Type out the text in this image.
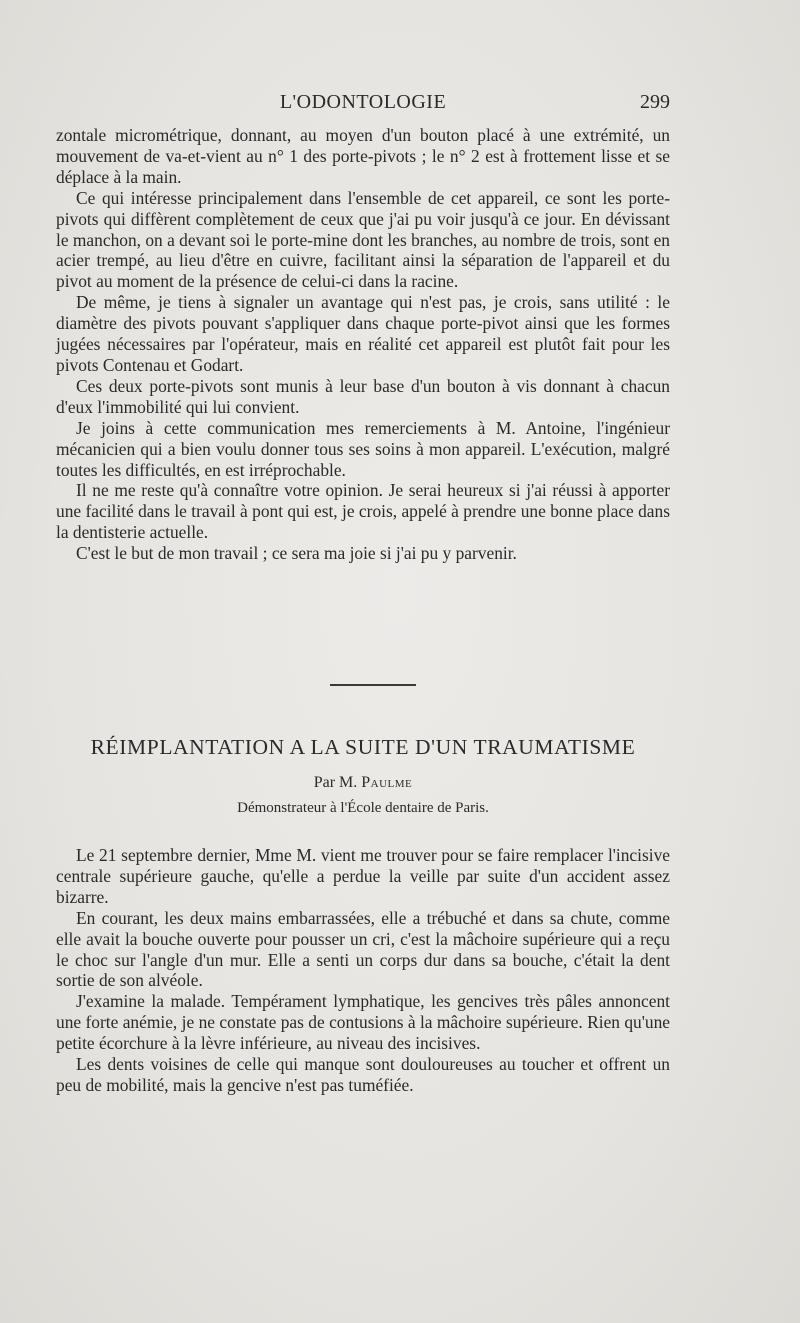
L'ODONTOLOGIE	299

zontale micrométrique, donnant, au moyen d'un bouton placé à une extrémité, un mouvement de va-et-vient au n° 1 des porte-pivots ; le n° 2 est à frottement lisse et se déplace à la main.

Ce qui intéresse principalement dans l'ensemble de cet appareil, ce sont les porte-pivots qui diffèrent complètement de ceux que j'ai pu voir jusqu'à ce jour. En dévissant le manchon, on a devant soi le porte-mine dont les branches, au nombre de trois, sont en acier trempé, au lieu d'être en cuivre, facilitant ainsi la séparation de l'appareil et du pivot au moment de la présence de celui-ci dans la racine.

De même, je tiens à signaler un avantage qui n'est pas, je crois, sans utilité : le diamètre des pivots pouvant s'appliquer dans chaque porte-pivot ainsi que les formes jugées nécessaires par l'opérateur, mais en réalité cet appareil est plutôt fait pour les pivots Contenau et Godart.

Ces deux porte-pivots sont munis à leur base d'un bouton à vis donnant à chacun d'eux l'immobilité qui lui convient.

Je joins à cette communication mes remerciements à M. Antoine, l'ingénieur mécanicien qui a bien voulu donner tous ses soins à mon appareil. L'exécution, malgré toutes les difficultés, en est irréprochable.

Il ne me reste qu'à connaître votre opinion. Je serai heureux si j'ai réussi à apporter une facilité dans le travail à pont qui est, je crois, appelé à prendre une bonne place dans la dentisterie actuelle.

C'est le but de mon travail ; ce sera ma joie si j'ai pu y parvenir.

RÉIMPLANTATION A LA SUITE D'UN TRAUMATISME
Par M. Paulme
Démonstrateur à l'École dentaire de Paris.

Le 21 septembre dernier, Mme M. vient me trouver pour se faire remplacer l'incisive centrale supérieure gauche, qu'elle a perdue la veille par suite d'un accident assez bizarre.

En courant, les deux mains embarrassées, elle a trébuché et dans sa chute, comme elle avait la bouche ouverte pour pousser un cri, c'est la mâchoire supérieure qui a reçu le choc sur l'angle d'un mur. Elle a senti un corps dur dans sa bouche, c'était la dent sortie de son alvéole.

J'examine la malade. Tempérament lymphatique, les gencives très pâles annoncent une forte anémie, je ne constate pas de contusions à la mâchoire supérieure. Rien qu'une petite écorchure à la lèvre inférieure, au niveau des incisives.

Les dents voisines de celle qui manque sont douloureuses au toucher et offrent un peu de mobilité, mais la gencive n'est pas tuméfiée.
